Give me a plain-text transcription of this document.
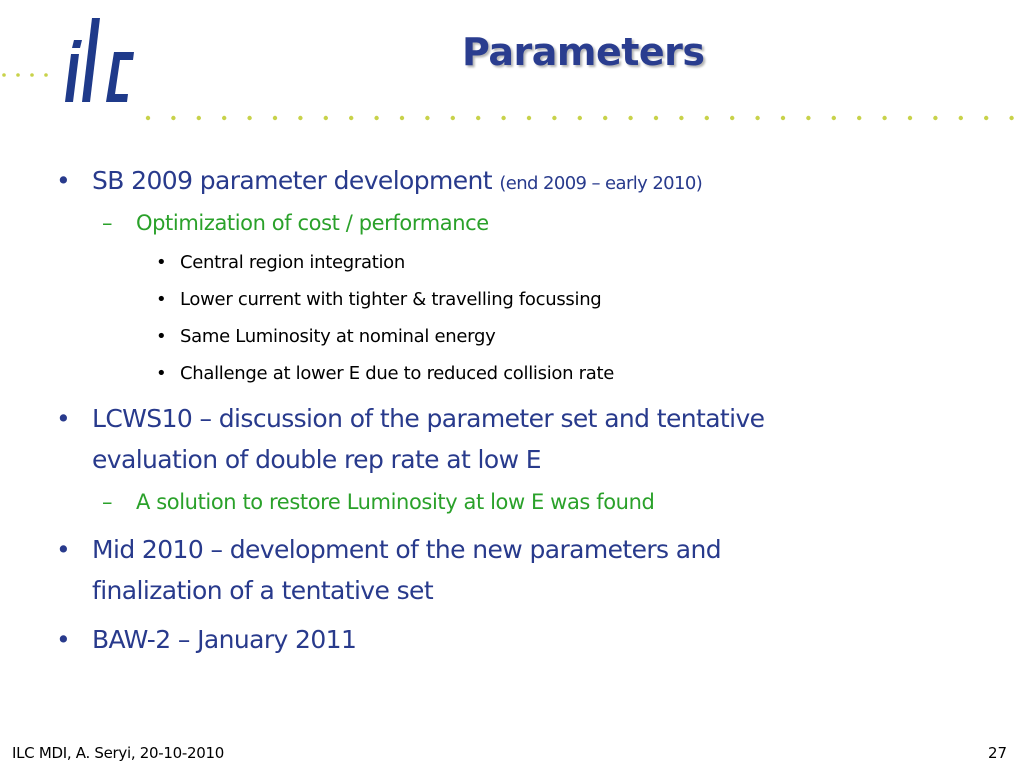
Parameters
• SB 2009 parameter development (end 2009 – early 2010)
– Optimization of cost / performance
• Central region integration
• Lower current with tighter & travelling focussing
• Same Luminosity at nominal energy
• Challenge at lower E due to reduced collision rate
• LCWS10 – discussion of the parameter set and tentative
evaluation of double rep rate at low E
– A solution to restore Luminosity at low E was found
• Mid 2010 – development of the new parameters and
finalization of a tentative set
• BAW-2 – January 2011
ILC MDI, A. Seryi, 20-10-2010	27
